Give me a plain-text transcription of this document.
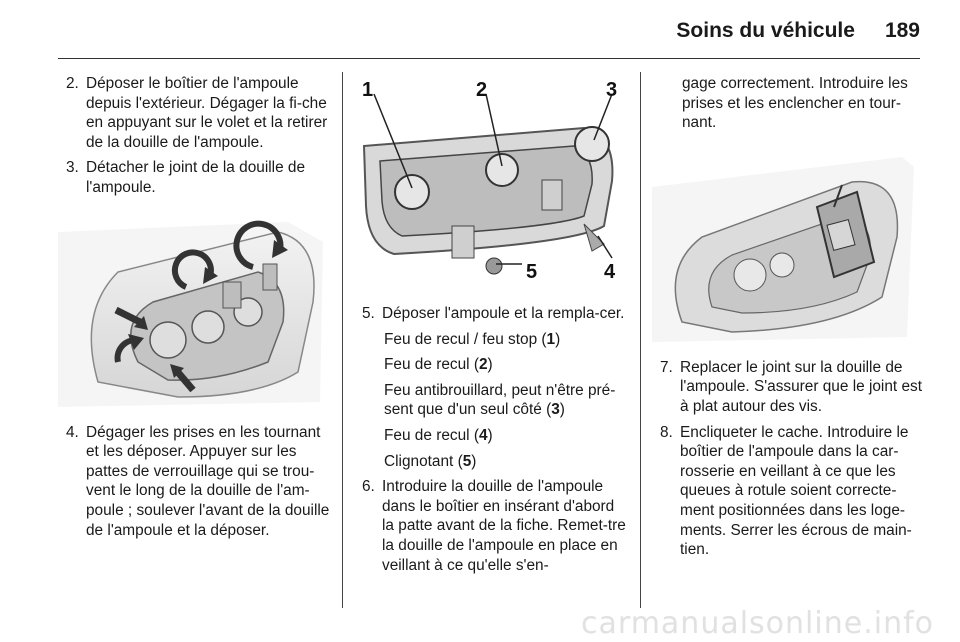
Soins du véhicule 189
2. Déposer le boîtier de l'ampoule depuis l'extérieur. Dégager la fi-che en appuyant sur le volet et la retirer de la douille de l'ampoule.
3. Détacher le joint de la douille de l'ampoule.
4. Dégager les prises en les tournant et les déposer. Appuyer sur les pattes de verrouillage qui se trou-vent le long de la douille de l'am-poule ; soulever l'avant de la douille de l'ampoule et la déposer.
1	2	3
4
5
5. Déposer l'ampoule et la rempla-cer.
Feu de recul / feu stop (1)
Feu de recul (2)
Feu antibrouillard, peut n'être pré-sent que d'un seul côté (3)
Feu de recul (4)
Clignotant (5)
6. Introduire la douille de l'ampoule dans le boîtier en insérant d'abord la patte avant de la fiche. Remet-tre la douille de l'ampoule en place en veillant à ce qu'elle s'en-
gage correctement. Introduire les prises et les enclencher en tour-nant.
7. Replacer le joint sur la douille de l'ampoule. S'assurer que le joint est à plat autour des vis.
8. Encliqueter le cache. Introduire le boîtier de l'ampoule dans la car-rosserie en veillant à ce que les queues à rotule soient correcte-ment positionnées dans les loge-ments. Serrer les écrous de main-tien.
carmanualsonline.info
